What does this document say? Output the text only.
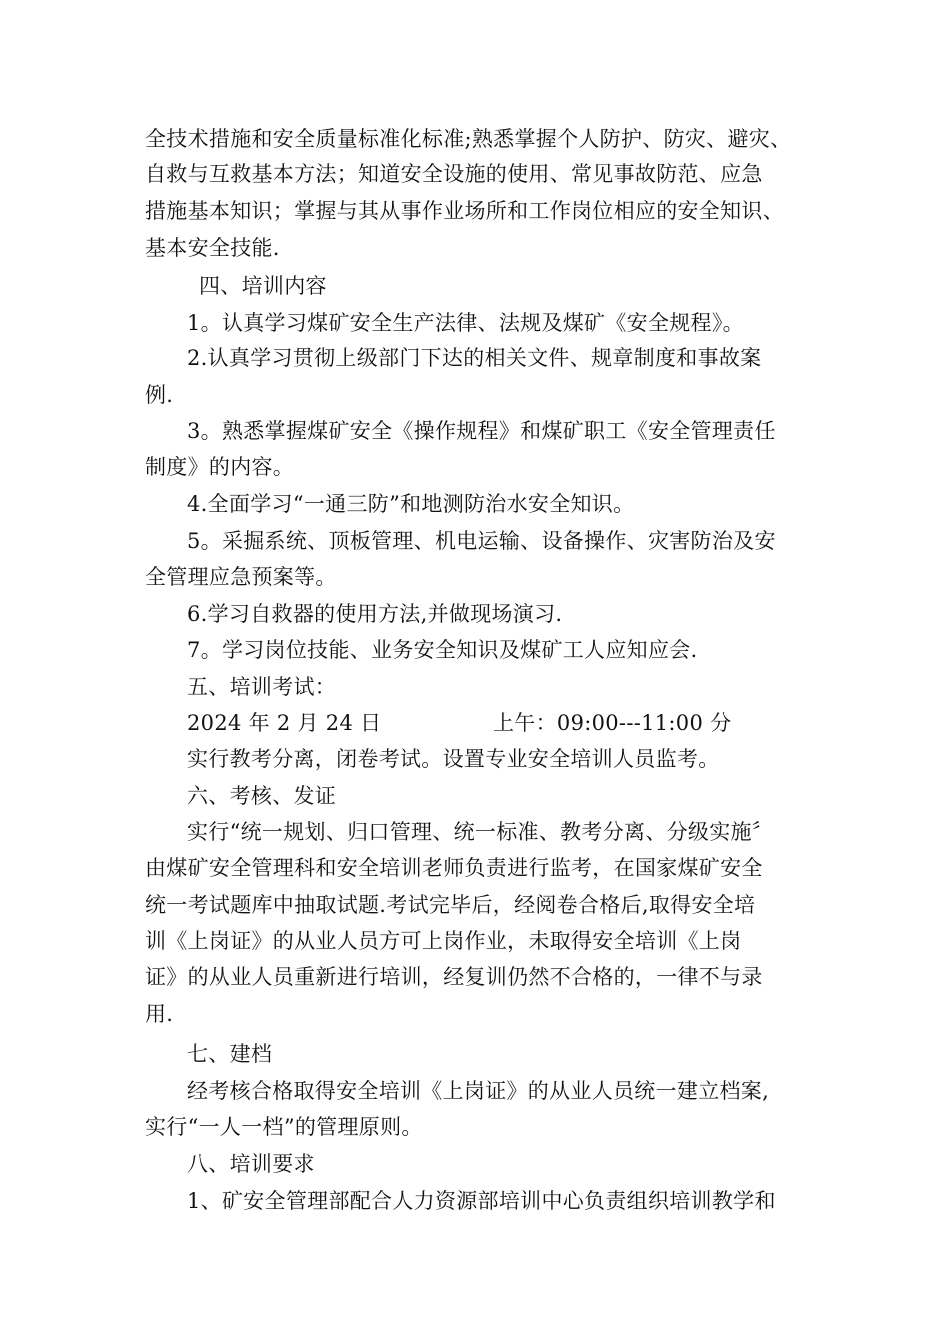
全技术措施和安全质量标准化标准;熟悉掌握个人防护、防灾、避灾、
自救与互救基本方法；知道安全设施的使用、常见事故防范、应急
措施基本知识；掌握与其从事作业场所和工作岗位相应的安全知识、
基本安全技能.
四、培训内容
1。认真学习煤矿安全生产法律、法规及煤矿《安全规程》。
2.认真学习贯彻上级部门下达的相关文件、规章制度和事故案
例.
3。熟悉掌握煤矿安全《操作规程》和煤矿职工《安全管理责任
制度》的内容。
4.全面学习“一通三防”和地测防治水安全知识。
5。采掘系统、顶板管理、机电运输、设备操作、灾害防治及安
全管理应急预案等。
6.学习自救器的使用方法,并做现场演习.
7。学习岗位技能、业务安全知识及煤矿工人应知应会.
五、培训考试：
2024 年 2 月 24 日                上午：09:00---11:00 分
实行教考分离，闭卷考试。设置专业安全培训人员监考。
六、考核、发证
实行“统一规划、归口管理、统一标准、教考分离、分级实施〞
由煤矿安全管理科和安全培训老师负责进行监考，在国家煤矿安全
统一考试题库中抽取试题.考试完毕后，经阅卷合格后,取得安全培
训《上岗证》的从业人员方可上岗作业，未取得安全培训《上岗
证》的从业人员重新进行培训，经复训仍然不合格的，一律不与录
用.
七、建档
经考核合格取得安全培训《上岗证》的从业人员统一建立档案,
实行“一人一档”的管理原则。
八、培训要求
1、矿安全管理部配合人力资源部培训中心负责组织培训教学和
